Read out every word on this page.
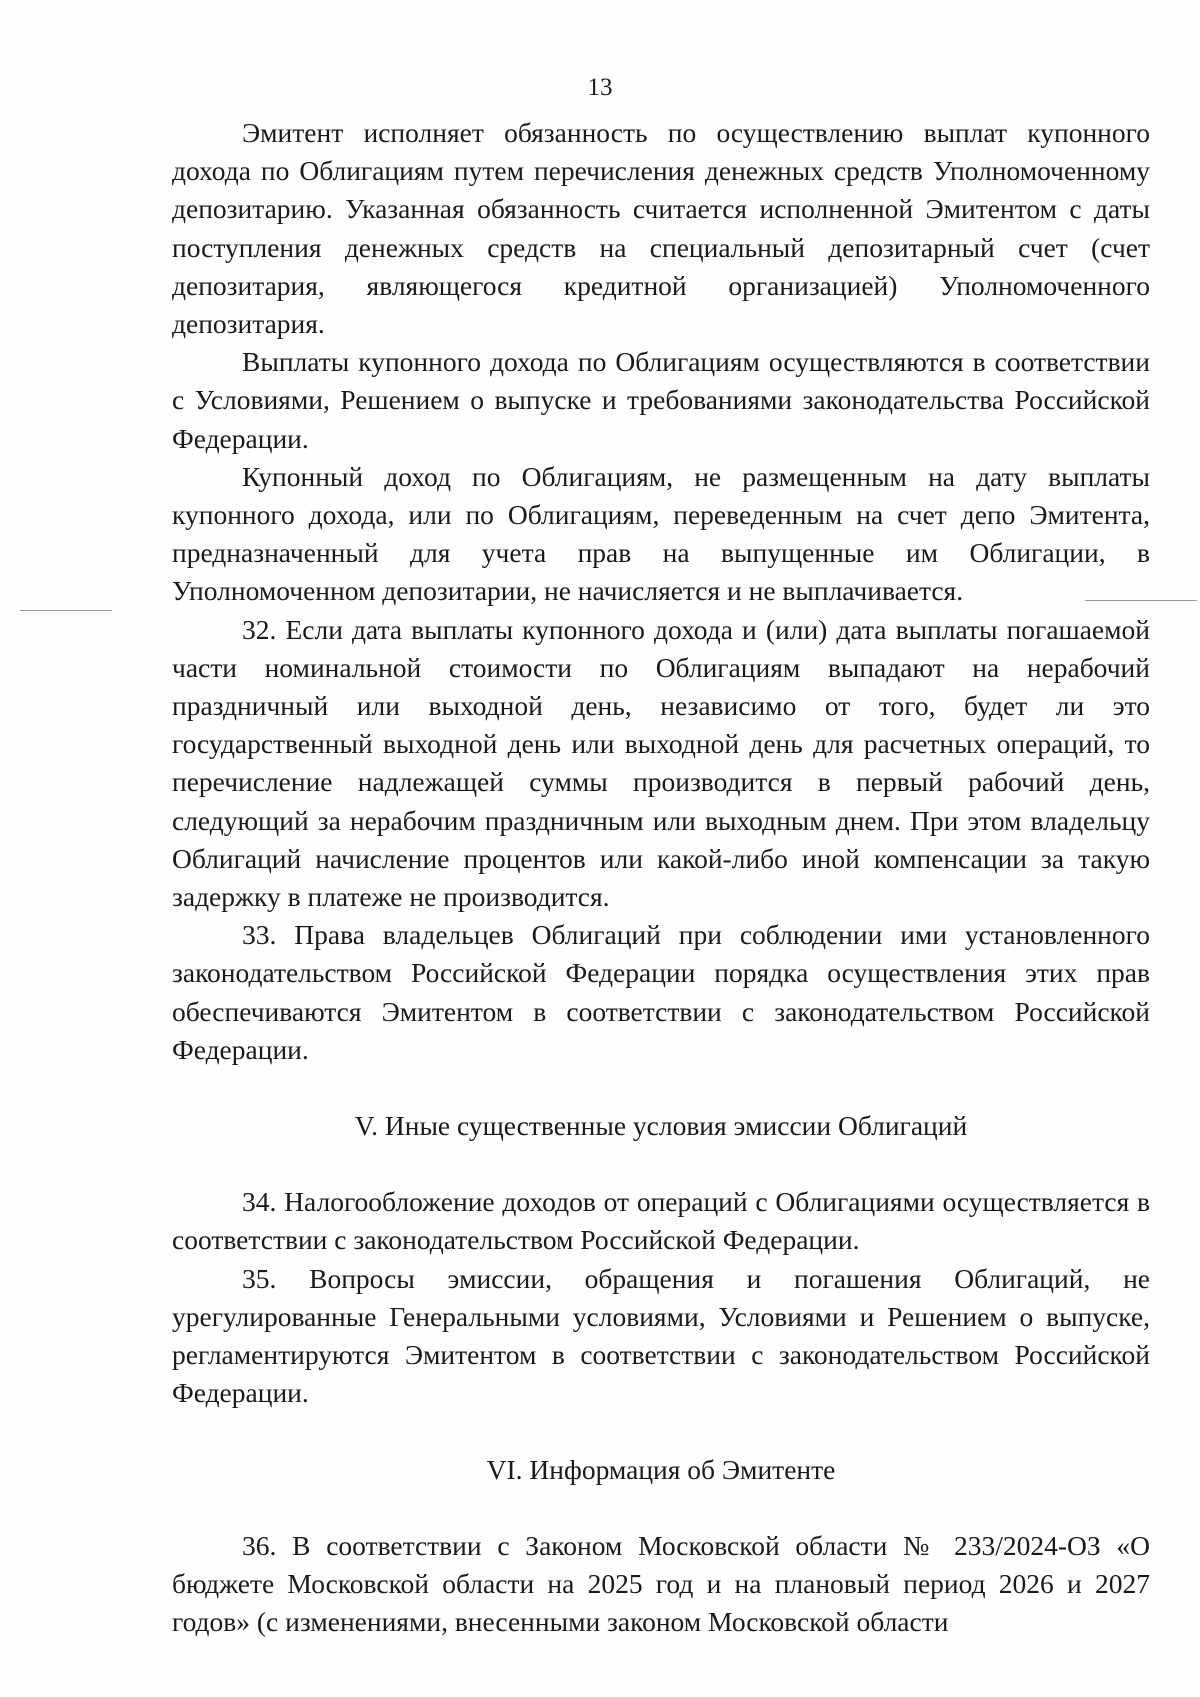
13

Эмитент исполняет обязанность по осуществлению выплат купонного дохода по Облигациям путем перечисления денежных средств Уполномоченному депозитарию. Указанная обязанность считается исполненной Эмитентом с даты поступления денежных средств на специальный депозитарный счет (счет депозитария, являющегося кредитной организацией) Уполномоченного депозитария.

Выплаты купонного дохода по Облигациям осуществляются в соответствии с Условиями, Решением о выпуске и требованиями законодательства Российской Федерации.

Купонный доход по Облигациям, не размещенным на дату выплаты купонного дохода, или по Облигациям, переведенным на счет депо Эмитента, предназначенный для учета прав на выпущенные им Облигации, в Уполномоченном депозитарии, не начисляется и не выплачивается.

32. Если дата выплаты купонного дохода и (или) дата выплаты погашаемой части номинальной стоимости по Облигациям выпадают на нерабочий праздничный или выходной день, независимо от того, будет ли это государственный выходной день или выходной день для расчетных операций, то перечисление надлежащей суммы производится в первый рабочий день, следующий за нерабочим праздничным или выходным днем. При этом владельцу Облигаций начисление процентов или какой-либо иной компенсации за такую задержку в платеже не производится.

33. Права владельцев Облигаций при соблюдении ими установленного законодательством Российской Федерации порядка осуществления этих прав обеспечиваются Эмитентом в соответствии с законодательством Российской Федерации.

V. Иные существенные условия эмиссии Облигаций

34. Налогообложение доходов от операций с Облигациями осуществляется в соответствии с законодательством Российской Федерации.

35. Вопросы эмиссии, обращения и погашения Облигаций, не урегулированные Генеральными условиями, Условиями и Решением о выпуске, регламентируются Эмитентом в соответствии с законодательством Российской Федерации.

VI. Информация об Эмитенте

36. В соответствии с Законом Московской области № 233/2024-ОЗ «О бюджете Московской области на 2025 год и на плановый период 2026 и 2027 годов» (с изменениями, внесенными законом Московской области
